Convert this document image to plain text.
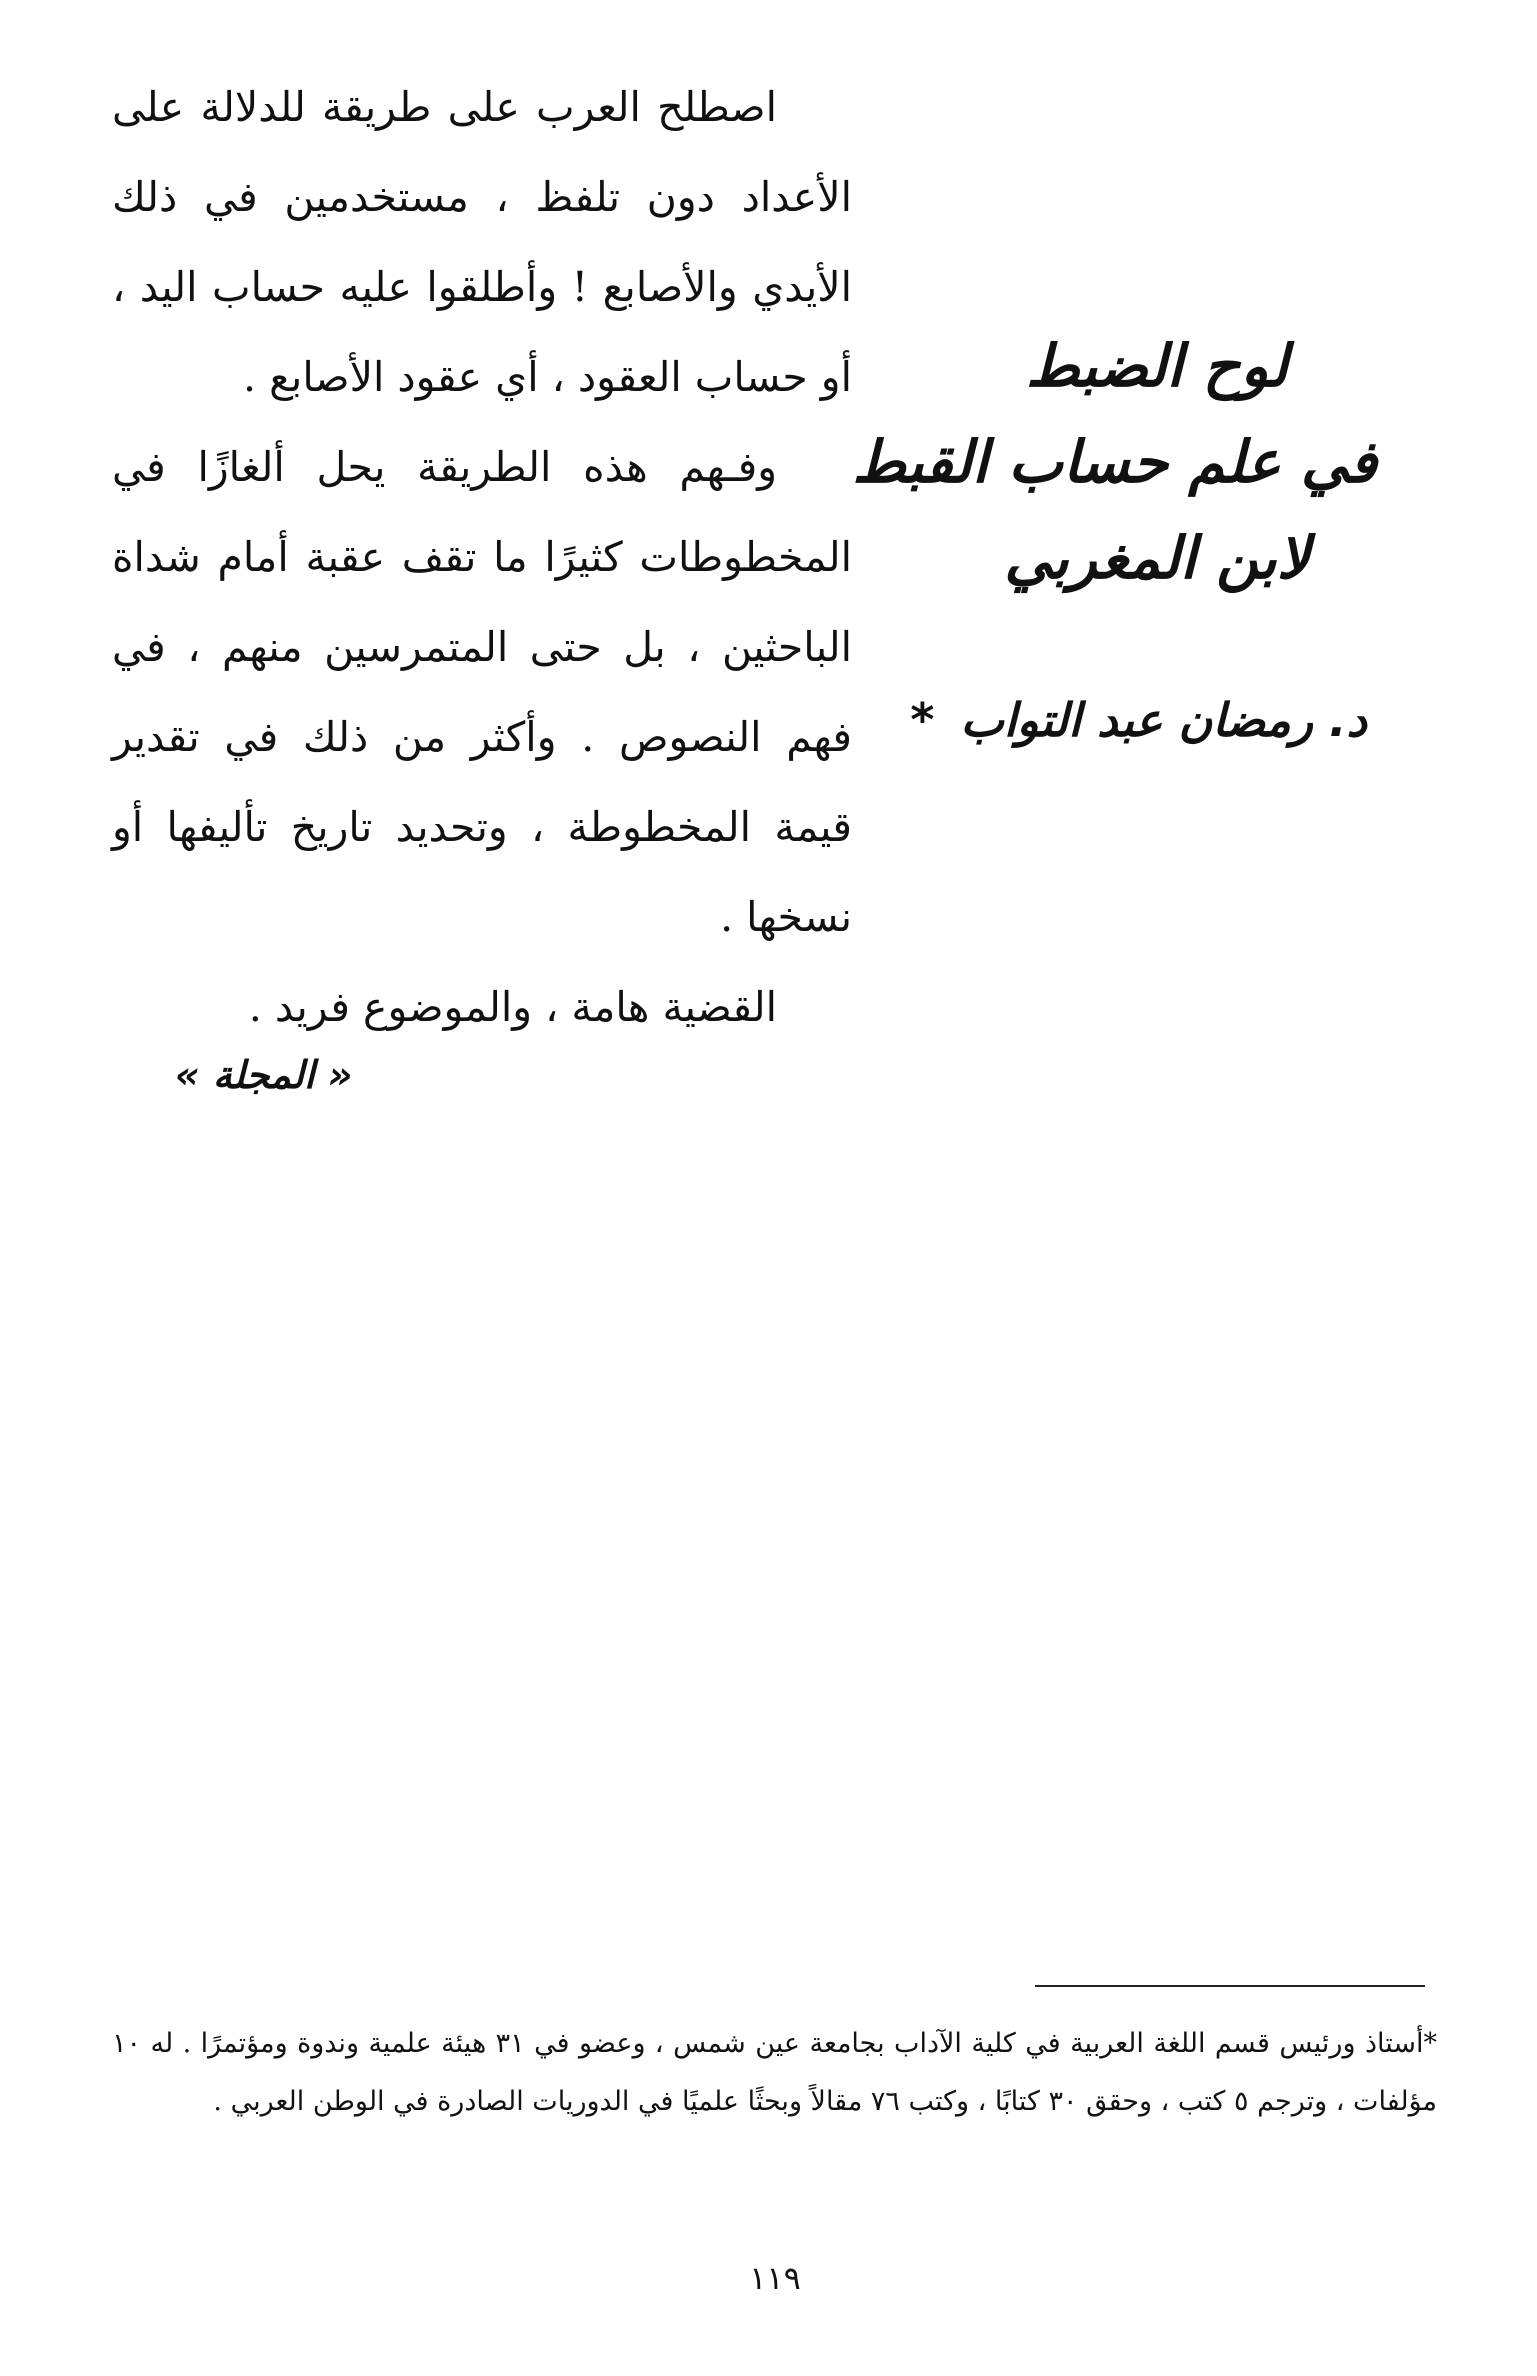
لوح الضبط
في علم حساب القبط
لابن المغربي
د. رمضان عبد التواب *

اصطلح العرب على طريقة للدلالة على الأعداد دون تلفظ ، مستخدمين في ذلك الأيدي والأصابع ! وأطلقوا عليه حساب اليد ، أو حساب العقود ، أي عقود الأصابع .

وفـهم هذه الطريقة يحل ألغازًا في المخطوطات كثيرًا ما تقف عقبة أمام شداة الباحثين ، بل حتى المتمرسين منهم ، في فهم النصوص . وأكثر من ذلك في تقدير قيمة المخطوطة ، وتحديد تاريخ تأليفها أو نسخها .

القضية هامة ، والموضوع فريد .

« المجلة »

*أستاذ ورئيس قسم اللغة العربية في كلية الآداب بجامعة عين شمس ، وعضو في ٣١ هيئة علمية وندوة ومؤتمرًا . له ١٠ مؤلفات ، وترجم ٥ كتب ، وحقق ٣٠ كتابًا ، وكتب ٧٦ مقالاً وبحثًا علميًا في الدوريات الصادرة في الوطن العربي .

١١٩
